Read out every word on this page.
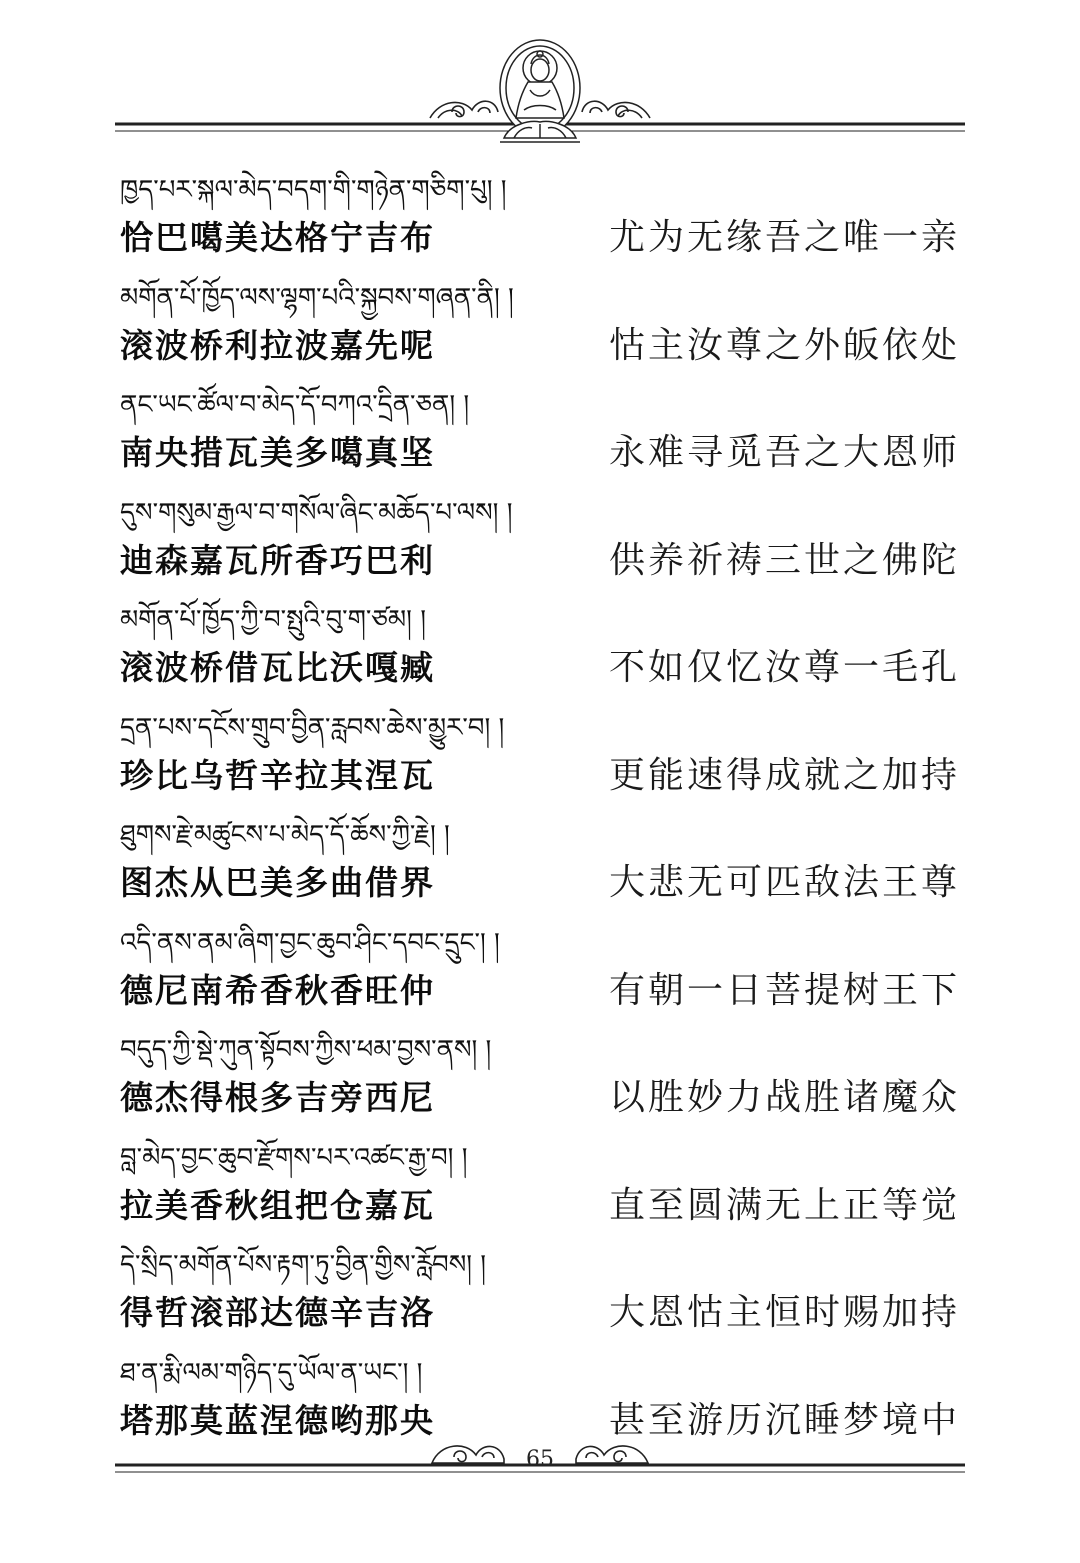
ཁྱད་པར་སྐལ་མེད་བདག་གི་གཉེན་གཅིག་པུ། །
恰巴噶美达格宁吉布	尤为无缘吾之唯一亲
མགོན་པོ་ཁྱོད་ལས་ལྷག་པའི་སྐྱབས་གཞན་ནི། །
滚波桥利拉波嘉先呢	怙主汝尊之外皈依处
ནང་ཡང་ཚོལ་བ་མེད་དོ་བཀའ་དྲིན་ཅན། །
南央措瓦美多噶真坚	永难寻觅吾之大恩师
དུས་གསུམ་རྒྱལ་བ་གསོལ་ཞིང་མཆོད་པ་ལས། །
迪森嘉瓦所香巧巴利	供养祈祷三世之佛陀
མགོན་པོ་ཁྱོད་ཀྱི་བ་སྤུའི་བུ་ག་ཙམ། །
滚波桥借瓦比沃嘎臧	不如仅忆汝尊一毛孔
དྲན་པས་དངོས་གྲུབ་བྱིན་རླབས་ཆེས་མྱུར་བ། །
珍比乌哲辛拉其涅瓦	更能速得成就之加持
ཐུགས་རྗེ་མཚུངས་པ་མེད་དོ་ཆོས་ཀྱི་རྗེ། །
图杰从巴美多曲借界	大悲无可匹敌法王尊
འདི་ནས་ནམ་ཞིག་བྱང་ཆུབ་ཤིང་དབང་དྲུང་། །
德尼南希香秋香旺仲	有朝一日菩提树王下
བདུད་ཀྱི་སྡེ་ཀུན་སྟོབས་ཀྱིས་ཕམ་བྱས་ནས། །
德杰得根多吉旁西尼	以胜妙力战胜诸魔众
བླ་མེད་བྱང་ཆུབ་རྫོགས་པར་འཚང་རྒྱ་བ། །
拉美香秋组把仓嘉瓦	直至圆满无上正等觉
དེ་སྲིད་མགོན་པོས་རྟག་ཏུ་བྱིན་གྱིས་རློབས། །
得哲滚部达德辛吉洛	大恩怙主恒时赐加持
ཐ་ན་རྨི་ལམ་གཉིད་དུ་ཡོལ་ན་ཡང་། །
塔那莫蓝涅德哟那央	甚至游历沉睡梦境中
65
